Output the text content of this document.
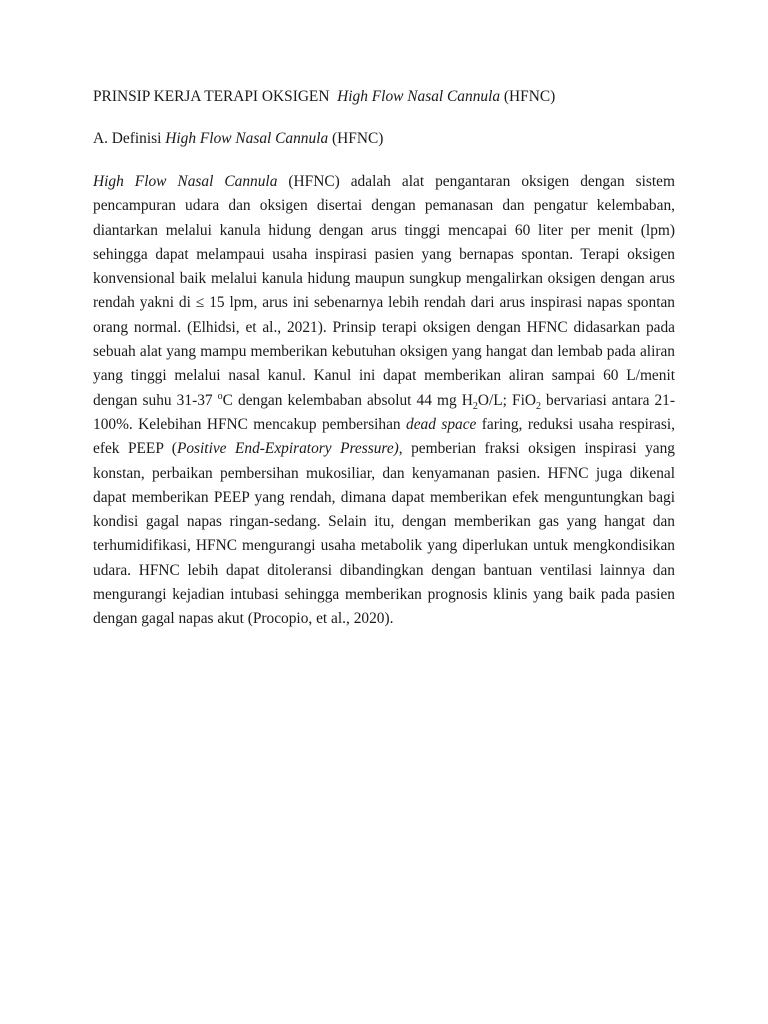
PRINSIP KERJA TERAPI OKSIGEN High Flow Nasal Cannula (HFNC)
A. Definisi High Flow Nasal Cannula (HFNC)

High Flow Nasal Cannula (HFNC) adalah alat pengantaran oksigen dengan sistem pencampuran udara dan oksigen disertai dengan pemanasan dan pengatur kelembaban, diantarkan melalui kanula hidung dengan arus tinggi mencapai 60 liter per menit (lpm) sehingga dapat melampaui usaha inspirasi pasien yang bernapas spontan. Terapi oksigen konvensional baik melalui kanula hidung maupun sungkup mengalirkan oksigen dengan arus rendah yakni di ≤ 15 lpm, arus ini sebenarnya lebih rendah dari arus inspirasi napas spontan orang normal. (Elhidsi, et al., 2021). Prinsip terapi oksigen dengan HFNC didasarkan pada sebuah alat yang mampu memberikan kebutuhan oksigen yang hangat dan lembab pada aliran yang tinggi melalui nasal kanul. Kanul ini dapat memberikan aliran sampai 60 L/menit dengan suhu 31-37 $^o$C dengan kelembaban absolut 44 mg $H_2O/L$; FiO$_2$ bervariasi antara 21-100%. Kelebihan HFNC mencakup pembersihan dead space faring, reduksi usaha respirasi, efek PEEP (Positive End-Expiratory Pressure), pemberian fraksi oksigen inspirasi yang konstan, perbaikan pembersihan mukosiliar, dan kenyamanan pasien. HFNC juga dikenal dapat memberikan PEEP yang rendah, dimana dapat memberikan efek menguntungkan bagi kondisi gagal napas ringan-sedang. Selain itu, dengan memberikan gas yang hangat dan terhumidifikasi, HFNC mengurangi usaha metabolik yang diperlukan untuk mengkondisikan udara. HFNC lebih dapat ditoleransi dibandingkan dengan bantuan ventilasi lainnya dan mengurangi kejadian intubasi sehingga memberikan prognosis klinis yang baik pada pasien dengan gagal napas akut (Procopio, et al., 2020).
